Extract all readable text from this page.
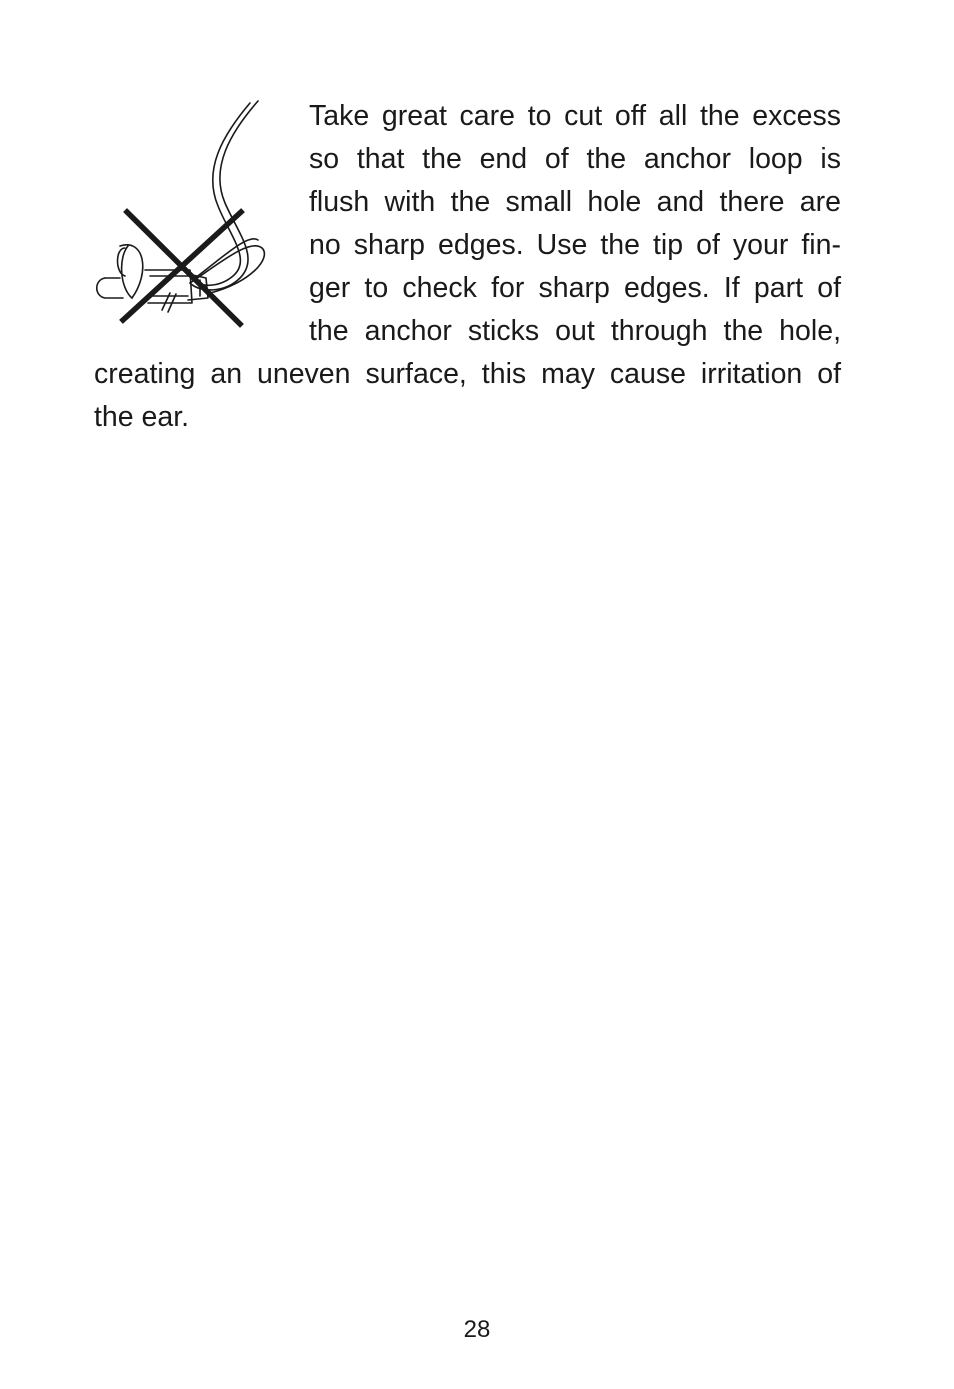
Take great care to cut off all the excess
so that the end of the anchor loop is
flush with the small hole and there are
no sharp edges. Use the tip of your fin-
ger to check for sharp edges. If part of
the anchor sticks out through the hole,
creating an uneven surface, this may cause irritation of
the ear.
28
